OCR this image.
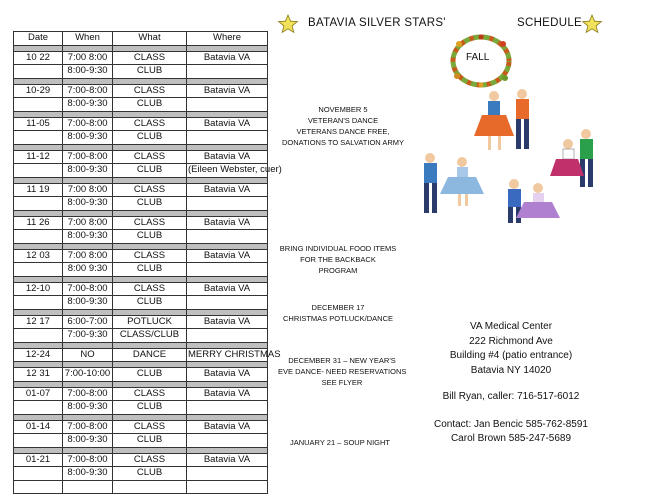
Date	When	What	Where

10 22	7:00 8:00	CLASS	Batavia VA
	8:00-9:30	CLUB	

10-29	7:00-8:00	CLASS	Batavia VA
	8:00-9:30	CLUB	

11-05	7:00-8:00	CLASS	Batavia VA
	8:00-9:30	CLUB	

11-12	7:00-8:00	CLASS	Batavia VA
	8:00-9:30	CLUB	(Eileen Webster, cuer)

11 19	7:00 8:00	CLASS	Batavia VA
	8:00-9:30	CLUB	

11 26	7:00 8:00	CLASS	Batavia VA
	8:00-9:30	CLUB	

12 03	7:00 8:00	CLASS	Batavia VA
	8:00 9:30	CLUB	

12-10	7:00-8:00	CLASS	Batavia VA
	8:00-9:30	CLUB	

12 17	6:00-7:00	POTLUCK	Batavia VA
	7:00-9:30	CLASS/CLUB	

12-24	NO	DANCE	MERRY CHRISTMAS

12 31	7:00-10:00	CLUB	Batavia VA

01-07	7:00-8:00	CLASS	Batavia VA
	8:00-9:30	CLUB	

01-14	7:00-8:00	CLASS	Batavia VA
	8:00-9:30	CLUB	

01-21	7:00-8:00	CLASS	Batavia VA
	8:00-9:30	CLUB	

BATAVIA SILVER STARS'	SCHEDULE
FALL
NOVEMBER 5
VETERAN'S DANCE
VETERANS DANCE FREE,
DONATIONS TO SALVATION ARMY
BRING INDIVIDUAL FOOD ITEMS
FOR THE BACKBACK
PROGRAM
DECEMBER 17
CHRISTMAS POTLUCK/DANCE
DECEMBER 31 – NEW YEAR'S
EVE DANCE- NEED RESERVATIONS
SEE FLYER
JANUARY 21 – SOUP NIGHT
VA Medical Center
222 Richmond Ave
Building #4 (patio entrance)
Batavia NY 14020
Bill Ryan, caller: 716-517-6012
Contact: Jan Bencic 585-762-8591
Carol Brown 585-247-5689
